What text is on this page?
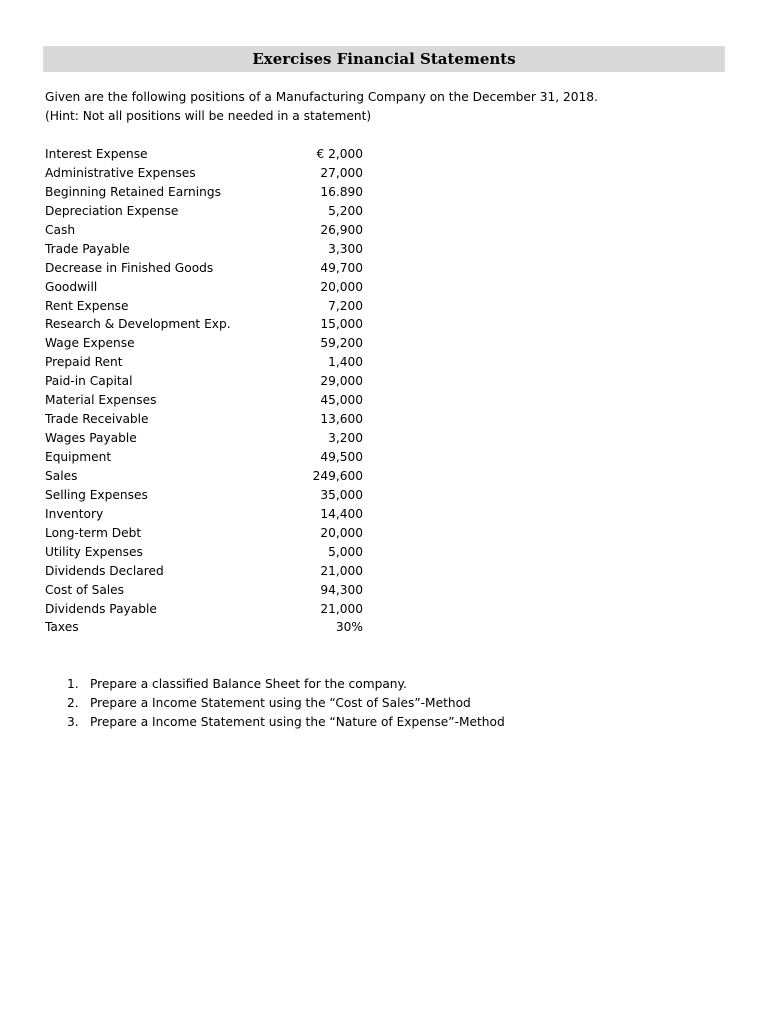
Exercises Financial Statements
Given are the following positions of a Manufacturing Company on the December 31, 2018.
(Hint: Not all positions will be needed in a statement)
Interest Expense	€ 2,000
Administrative Expenses	27,000
Beginning Retained Earnings	16.890
Depreciation Expense	5,200
Cash	26,900
Trade Payable	3,300
Decrease in Finished Goods	49,700
Goodwill	20,000
Rent Expense	7,200
Research & Development Exp.	15,000
Wage Expense	59,200
Prepaid Rent	1,400
Paid-in Capital	29,000
Material Expenses	45,000
Trade Receivable	13,600
Wages Payable	3,200
Equipment	49,500
Sales	249,600
Selling Expenses	35,000
Inventory	14,400
Long-term Debt	20,000
Utility Expenses	5,000
Dividends Declared	21,000
Cost of Sales	94,300
Dividends Payable	21,000
Taxes	30%
1. Prepare a classified Balance Sheet for the company.
2. Prepare a Income Statement using the “Cost of Sales”-Method
3. Prepare a Income Statement using the “Nature of Expense”-Method
